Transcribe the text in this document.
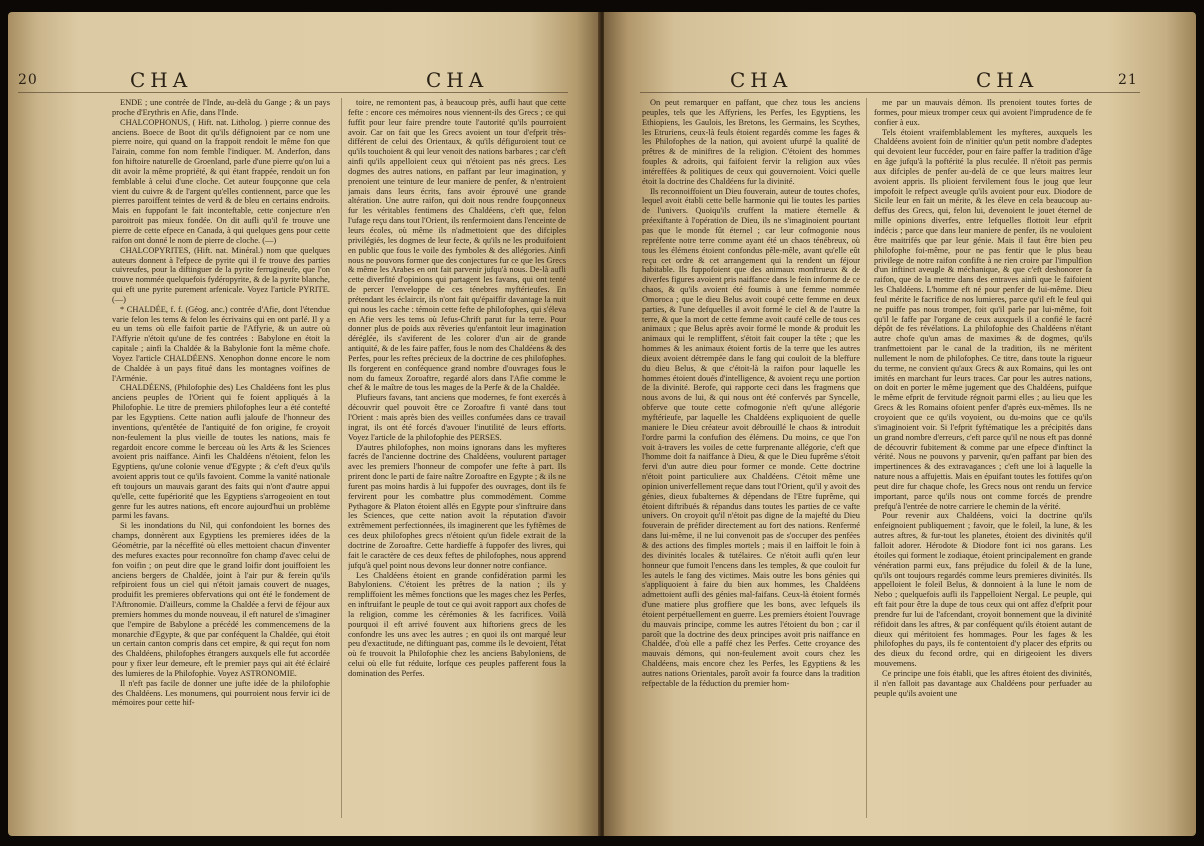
20	CHA	CHA

ENDE ; une contrée de l'Inde, au-delà du Gange ; & un pays proche d'Erythris en Afie, dans l'Inde.

CHALCOPHONUS, ( Hift. nat. Litholog. ) pierre connue des anciens. Boece de Boot dit qu'ils défignoient par ce nom une pierre noire, qui quand on la frappoit rendoit le même fon que l'airain, comme fon nom femble l'indiquer. M. Anderfon, dans fon hiftoire naturelle de Groenland, parle d'une pierre qu'on lui a dit avoir la même propriété, & qui étant frappée, rendoit un fon femblable à celui d'une cloche. Cet auteur foupçonne que cela vient du cuivre & de l'argent qu'elles contiennent, parce que les pierres paroiffent teintes de verd & de bleu en certains endroits. Mais en fuppofant le fait inconteftable, cette conjecture n'en paroitroit pas mieux fondée. On dit aufli qu'il fe trouve une pierre de cette efpece en Canada, à qui quelques gens pour cette raifon ont donné le nom de pierre de cloche. (—)

CHALCOPYRITES, (Hift. nat. Minéral.) nom que quelques auteurs donnent à l'efpece de pyrite qui il fe trouve des parties cuivreufes, pour la diftinguer de la pyrite ferrugineufe, que l'on trouve nommée quelquefois fydéropyrite, & de la pyrite blanche, qui eft une pyrite purement arfenicale. Voyez l'article PYRITE. (—)

* CHALDÉE, f. f. (Géog. anc.) contrée d'Afie, dont l'étendue varie felon les tems & felon les écrivains qui en ont parlé. Il y a eu un tems où elle faifoit partie de l'Affyrie, & un autre où l'Affyrie n'étoit qu'une de fes contrées : Babylone en étoit la capitale ; ainfi la Chaldée & la Babylonie font la même chofe. Voyez l'article CHALDÉENS. Xenophon donne encore le nom de Chaldée à un pays fitué dans les montagnes voifines de l'Arménie.

CHALDÉENS, (Philofophie des) Les Chaldéens font les plus anciens peuples de l'Orient qui fe foient appliqués à la Philofophie. Le titre de premiers philofophes leur a été contefté par les Egyptiens. Cette nation aufli jaloufe de l'honneur des inventions, qu'entêtée de l'antiquité de fon origine, fe croyoit non-feulement la plus vieille de toutes les nations, mais fe regardoit encore comme le berceau où les Arts & les Sciences avoient pris naiffance. Ainfi les Chaldéens n'étoient, felon les Egyptiens, qu'une colonie venue d'Egypte ; & c'eft d'eux qu'ils avoient appris tout ce qu'ils favoient. Comme la vanité nationale eft toujours un mauvais garant des faits qui n'ont d'autre appui qu'elle, cette fupériorité que les Egyptiens s'arrogeoient en tout genre fur les autres nations, eft encore aujourd'hui un problème parmi les favans.

Si les inondations du Nil, qui confondoient les bornes des champs, donnèrent aux Egyptiens les premieres idées de la Géométrie, par la néceffité où elles mettoient chacun d'inventer des mefures exactes pour reconnoître fon champ d'avec celui de fon voifin ; on peut dire que le grand loifir dont jouiffoient les anciens bergers de Chaldée, joint à l'air pur & ferein qu'ils refpiroient fous un ciel qui n'étoit jamais couvert de nuages, produifit les premieres obfervations qui ont été le fondement de l'Aftronomie. D'ailleurs, comme la Chaldée a fervi de féjour aux premiers hommes du monde nouveau, il eft naturel de s'imaginer que l'empire de Babylone a précédé les commencemens de la monarchie d'Egypte, & que par conféquent la Chaldée, qui étoit un certain canton compris dans cet empire, & qui reçut fon nom des Chaldéens, philofophes étrangers auxquels elle fut accordée pour y fixer leur demeure, eft le premier pays qui ait été éclairé des lumieres de la Philofophie. Voyez ASTRONOMIE.

Il n'eft pas facile de donner une jufte idée de la philofophie des Chaldéens. Les monumens, qui pourroient nous fervir ici de mémoires pour cette hif-

toire, ne remontent pas, à beaucoup près, aufli haut que cette fefte : encore ces mémoires nous viennent-ils des Grecs ; ce qui fuffit pour leur faire prendre toute l'autorité qu'ils pourroient avoir. Car on fait que les Grecs avoient un tour d'efprit très-différent de celui des Orientaux, & qu'ils défiguroient tout ce qu'ils touchoient & qui leur venoit des nations barbares ; car c'eft ainfi qu'ils appelloient ceux qui n'étoient pas nés grecs. Les dogmes des autres nations, en paffant par leur imagination, y prenoient une teinture de leur maniere de penfer, & n'entroient jamais dans leurs écrits, fans avoir éprouvé une grande altération. Une autre raifon, qui doit nous rendre foupçonneux fur les véritables fentimens des Chaldéens, c'eft que, felon l'ufage reçu dans tout l'Orient, ils renfermoient dans l'enceinte de leurs écoles, où même ils n'admettoient que des difciples privilégiés, les dogmes de leur fecte, & qu'ils ne les produifoient en public que fous le voile des fymboles & des allégories. Ainfi nous ne pouvons former que des conjectures fur ce que les Grecs & même les Arabes en ont fait parvenir jufqu'à nous. De-là aufli cette diverfité d'opinions qui partagent les favans, qui ont tenté de percer l'enveloppe de ces ténebres myftérieufes. En prétendant les éclaircir, ils n'ont fait qu'épaiffir davantage la nuit qui nous les cache : témoin cette fefte de philofophes, qui s'éleva en Afie vers les tems où Jefus-Chrift parut fur la terre. Pour donner plus de poids aux rêveries qu'enfantoit leur imagination déréglée, ils s'aviferent de les colorer d'un air de grande antiquité, & de les faire paffer, fous le nom des Chaldéens & des Perfes, pour les reftes précieux de la doctrine de ces philofophes. Ils forgerent en conféquence grand nombre d'ouvrages fous le nom du fameux Zoroaftre, regardé alors dans l'Afie comme le chef & le maître de tous les mages de la Perfe & de la Chaldée.

Plufieurs favans, tant anciens que modernes, fe font exercés à découvrir quel pouvoit être ce Zoroaftre fi vanté dans tout l'Orient : mais après bien des veilles confumées dans ce travail ingrat, ils ont été forcés d'avouer l'inutilité de leurs efforts. Voyez l'article de la philofophie des PERSES.

D'autres philofophes, non moins ignorans dans les myfteres facrés de l'ancienne doctrine des Chaldéens, voulurent partager avec les premiers l'honneur de compofer une fefte à part. Ils prirent donc le parti de faire naître Zoroaftre en Egypte ; & ils ne furent pas moins hardis à lui fuppofer des ouvrages, dont ils fe fervirent pour les combattre plus commodément. Comme Pythagore & Platon étoient allés en Egypte pour s'inftruire dans les Sciences, que cette nation avoit la réputation d'avoir extrêmement perfectionnées, ils imaginerent que les fyftêmes de ces deux philofophes grecs n'étoient qu'un fidele extrait de la doctrine de Zoroaftre. Cette hardieffe à fuppofer des livres, qui fait le caractère de ces deux feftes de philofophes, nous apprend jufqu'à quel point nous devons leur donner notre confiance.

Les Chaldéens étoient en grande confidération parmi les Babyloniens. C'étoient les prêtres de la nation ; ils y rempliffoient les mêmes fonctions que les mages chez les Perfes, en inftruifant le peuple de tout ce qui avoit rapport aux chofes de la religion, comme les cérémonies & les facrifices. Voilà pourquoi il eft arrivé fouvent aux hiftoriens grecs de les confondre les uns avec les autres ; en quoi ils ont marqué leur peu d'exactitude, ne diftinguant pas, comme ils le devoient, l'état où fe trouvoit la Philofophie chez les anciens Babyloniens, de celui où elle fut réduite, lorfque ces peuples pafferent fous la domination des Perfes.

CHA	CHA	21

On peut remarquer en paffant, que chez tous les anciens peuples, tels que les Affyriens, les Perfes, les Egyptiens, les Ethiopiens, les Gaulois, les Bretons, les Germains, les Scythes, les Etruriens, ceux-là feuls étoient regardés comme les fages & les Philofophes de la nation, qui avoient ufurpé la qualité de prêtres & de miniftres de la religion. C'étoient des hommes fouples & adroits, qui faifoient fervir la religion aux vûes intéreffées & politiques de ceux qui gouvernoient. Voici quelle étoit la doctrine des Chaldéens fur la divinité.

Ils reconnoiffoient un Dieu fouverain, auteur de toutes chofes, lequel avoit établi cette belle harmonie qui lie toutes les parties de l'univers. Quoiqu'ils cruffent la matiere éternelle & préexiftante à l'opération de Dieu, ils ne s'imaginoient pourtant pas que le monde fût éternel ; car leur cofmogonie nous repréfente notre terre comme ayant été un chaos ténébreux, où tous les élémens étoient confondus pêle-mêle, avant qu'elle eût reçu cet ordre & cet arrangement qui la rendent un féjour habitable. Ils fuppofoient que des animaux monftrueux & de diverfes figures avoient pris naiffance dans le fein informe de ce chaos, & qu'ils avoient été foumis à une femme nommée Omoroca ; que le dieu Belus avoit coupé cette femme en deux parties, & l'une defquelles il avoit formé le ciel & de l'autre la terre, & que la mort de cette femme avoit caufé celle de tous ces animaux ; que Belus après avoir formé le monde & produit les animaux qui le rempliffent, s'étoit fait couper la tête ; que les hommes & les animaux étoient fortis de la terre que les autres dieux avoient détrempée dans le fang qui couloit de la bleffure du dieu Belus, & que c'étoit-là la raifon pour laquelle les hommes étoient doués d'intelligence, & avoient reçu une portion de la divinité. Berofe, qui rapporte ceci dans les fragmens que nous avons de lui, & qui nous ont été confervés par Syncelle, obferve que toute cette cofmogonie n'eft qu'une allégorie myftérieufe, par laquelle les Chaldéens expliquoient de quelle maniere le Dieu créateur avoit débrouillé le chaos & introduit l'ordre parmi la confufion des élémens. Du moins, ce que l'on voit à-travers les voiles de cette furprenante allégorie, c'eft que l'homme doit fa naiffance à Dieu, & que le Dieu fuprême s'étoit fervi d'un autre dieu pour former ce monde. Cette doctrine n'étoit point particuliere aux Chaldéens. C'étoit même une opinion univerfellement reçue dans tout l'Orient, qu'il y avoit des génies, dieux fubalternes & dépendans de l'Etre fuprême, qui étoient diftribués & répandus dans toutes les parties de ce vafte univers. On croyoit qu'il n'étoit pas digne de la majefté du Dieu fouverain de préfider directement au fort des nations. Renfermé dans lui-même, il ne lui convenoit pas de s'occuper des penfées & des actions des fimples mortels ; mais il en laiffoit le foin à des divinités locales & tutélaires. Ce n'étoit aufli qu'en leur honneur que fumoit l'encens dans les temples, & que couloit fur les autels le fang des victimes. Mais outre les bons génies qui s'appliquoient à faire du bien aux hommes, les Chaldéens admettoient aufli des génies mal-faifans. Ceux-là étoient formés d'une matiere plus groffiere que les bons, avec lefquels ils étoient perpétuellement en guerre. Les premiers étoient l'ouvrage du mauvais principe, comme les autres l'étoient du bon ; car il paroît que la doctrine des deux principes avoit pris naiffance en Chaldée, d'où elle a paffé chez les Perfes. Cette croyance des mauvais démons, qui non-feulement avoit cours chez les Chaldéens, mais encore chez les Perfes, les Egyptiens & les autres nations Orientales, paroît avoir fa fource dans la tradition refpectable de la féduction du premier hom-

me par un mauvais démon. Ils prenoient toutes fortes de formes, pour mieux tromper ceux qui avoient l'imprudence de fe confier à eux.

Tels étoient vraifemblablement les myfteres, auxquels les Chaldéens avoient foin de n'initier qu'un petit nombre d'adeptes qui devoient leur fuccéder, pour en faire paffer la tradition d'âge en âge jufqu'à la poftérité la plus reculée. Il n'étoit pas permis aux difciples de penfer au-delà de ce que leurs maitres leur avoient appris. Ils plioient fervilement fous le joug que leur impofoit le refpect aveugle qu'ils avoient pour eux. Diodore de Sicile leur en fait un mérite, & les éleve en cela beaucoup au-deffus des Grecs, qui, felon lui, devenoient le jouet éternel de mille opinions diverfes, entre lefquelles flottoit leur efprit indécis ; parce que dans leur maniere de penfer, ils ne vouloient être maitrifés que par leur génie. Mais il faut être bien peu philofophe foi-même, pour ne pas fentir que le plus beau privilege de notre raifon confifte à ne rien croire par l'impulfion d'un inftinct aveugle & méchanique, & que c'eft deshonorer fa raifon, que de la mettre dans des entraves ainfi que le faifoient les Chaldéens. L'homme eft né pour penfer de lui-même. Dieu feul mérite le facrifice de nos lumieres, parce qu'il eft le feul qui ne puiffe pas nous tromper, foit qu'il parle par lui-même, foit qu'il le faffe par l'organe de ceux auxquels il a confié le facré dépôt de fes révélations. La philofophie des Chaldéens n'étant autre chofe qu'un amas de maximes & de dogmes, qu'ils tranfmettoient par le canal de la tradition, ils ne méritent nullement le nom de philofophes. Ce titre, dans toute la rigueur du terme, ne convient qu'aux Grecs & aux Romains, qui les ont imités en marchant fur leurs traces. Car pour les autres nations, on doit en porter le même jugement que des Chaldéens, puifque le même efprit de fervitude régnoit parmi elles ; au lieu que les Grecs & les Romains ofoient penfer d'après eux-mêmes. Ils ne croyoient que ce qu'ils voyoient, ou du-moins que ce qu'ils s'imaginoient voir. Si l'efprit fyftématique les a précipités dans un grand nombre d'erreurs, c'eft parce qu'il ne nous eft pas donné de découvrir fubitement & comme par une efpece d'inftinct la vérité. Nous ne pouvons y parvenir, qu'en paffant par bien des impertinences & des extravagances ; c'eft une loi à laquelle la nature nous a affujettis. Mais en épuifant toutes les fottifes qu'on peut dire fur chaque chofe, les Grecs nous ont rendu un fervice important, parce qu'ils nous ont comme forcés de prendre prefqu'à l'entrée de notre carriere le chemin de la vérité.

Pour revenir aux Chaldéens, voici la doctrine qu'ils enfeignoient publiquement ; favoir, que le foleil, la lune, & les autres aftres, & fur-tout les planetes, étoient des divinités qu'il falloit adorer. Hérodote & Diodore font ici nos garans. Les étoiles qui forment le zodiaque, étoient principalement en grande vénération parmi eux, fans préjudice du foleil & de la lune, qu'ils ont toujours regardés comme leurs premieres divinités. Ils appelloient le foleil Belus, & donnoient à la lune le nom de Nebo ; quelquefois aufli ils l'appelloient Nergal. Le peuple, qui eft fait pour être la dupe de tous ceux qui ont affez d'efprit pour prendre fur lui de l'afcendant, croyoit bonnement que la divinité réfidoit dans les aftres, & par conféquent qu'ils étoient autant de dieux qui méritoient fes hommages. Pour les fages & les philofophes du pays, ils fe contentoient d'y placer des efprits ou des dieux du fecond ordre, qui en dirigeoient les divers mouvemens.

Ce principe une fois établi, que les aftres étoient des divinités, il n'en falloit pas davantage aux Chaldéens pour perfuader au peuple qu'ils avoient une
